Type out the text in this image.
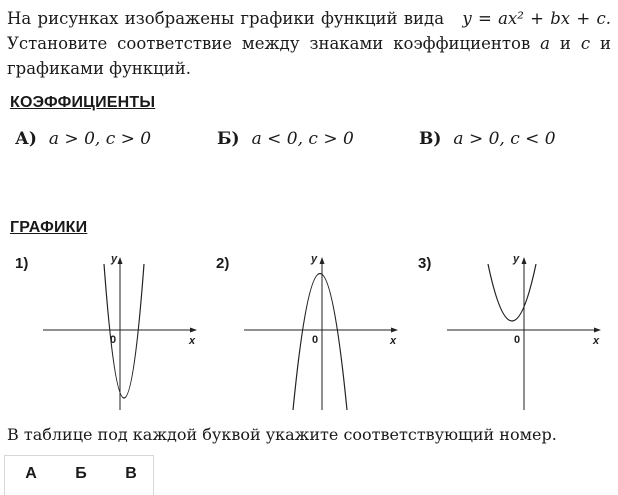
На рисунках изображены графики функций вида y = ax² + bx + c. Установите соответствие между знаками коэффициентов a и c и графиками функций.
КОЭФФИЦИЕНТЫ
А) a > 0, c > 0	Б) a < 0, c > 0	В) a > 0, c < 0
ГРАФИКИ
1)	2)	3)
y
x
0
y
x
0
y
x
0
В таблице под каждой буквой укажите соответствующий номер.
А	Б	В
